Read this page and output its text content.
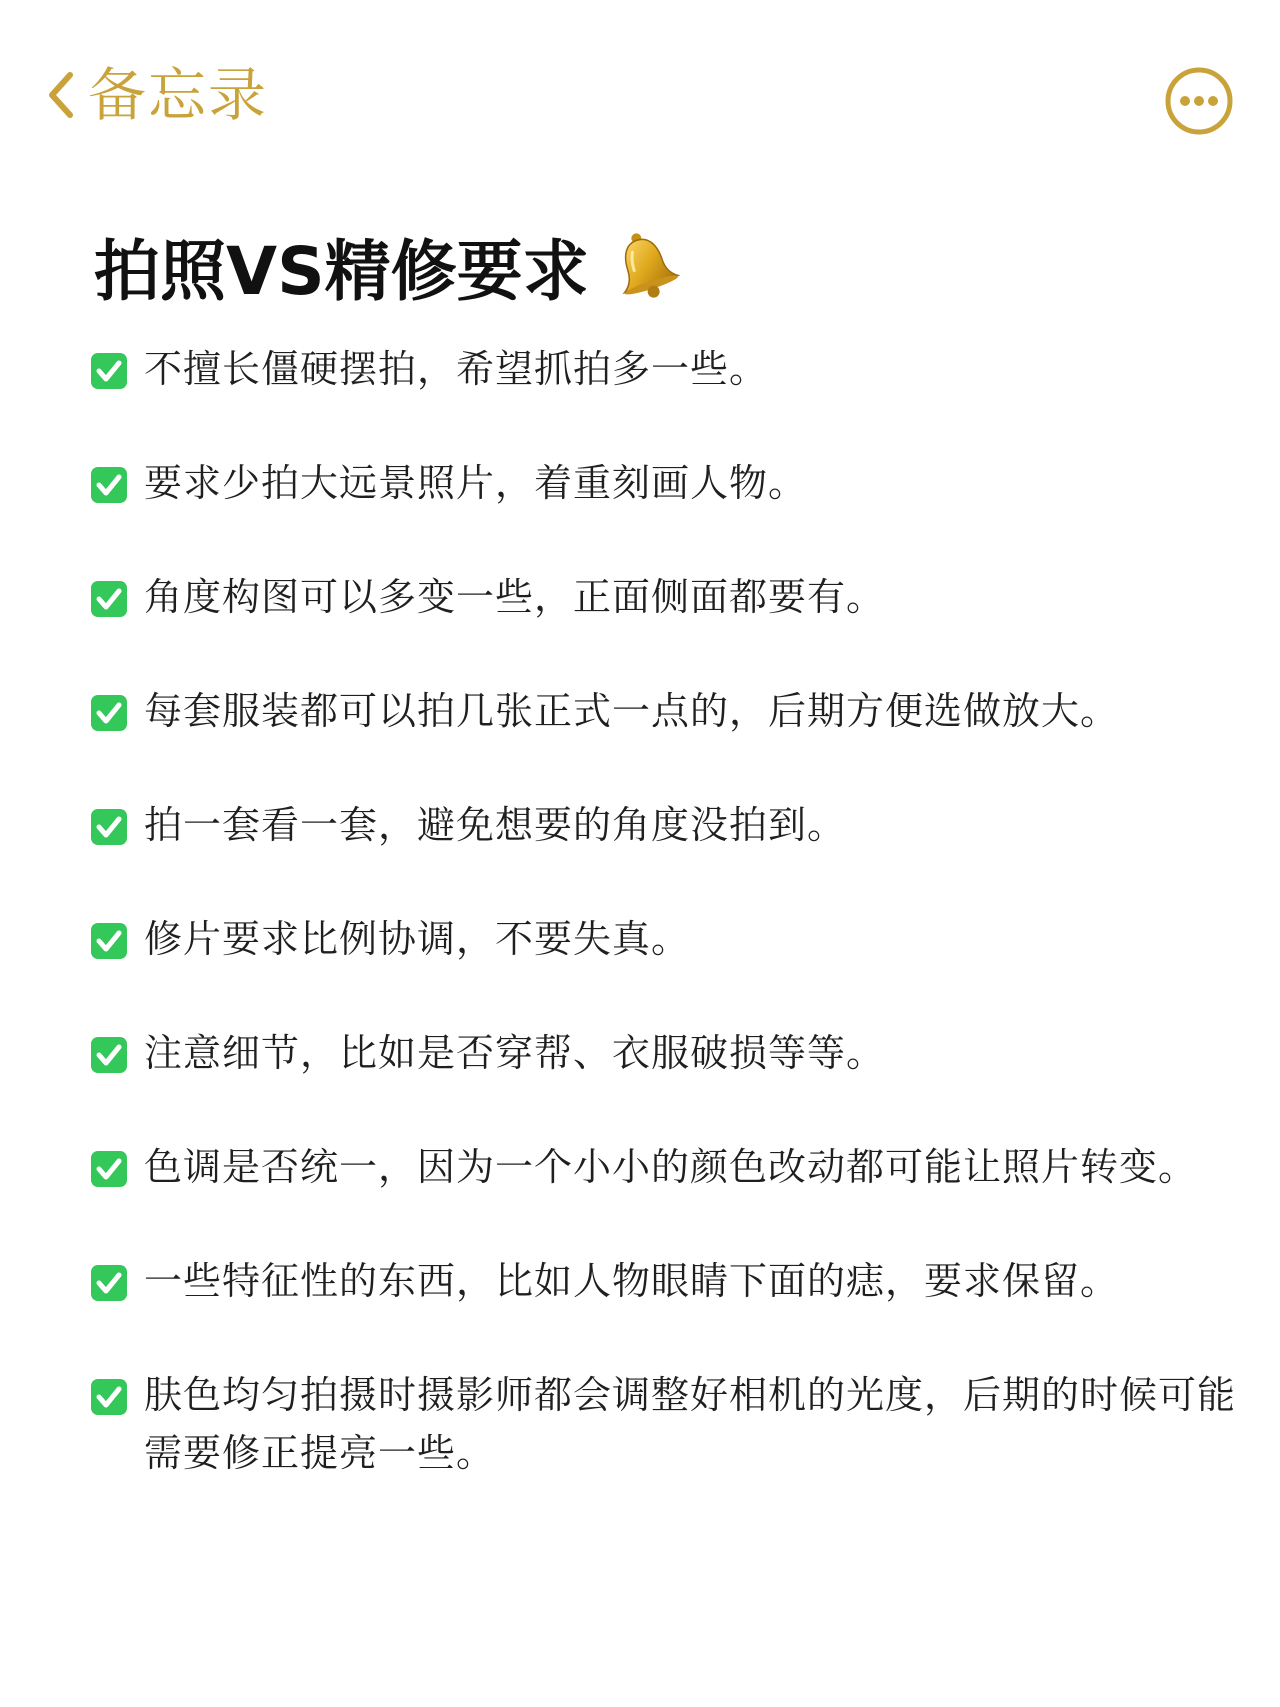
备忘录
拍照VS精修要求
不擅长僵硬摆拍，希望抓拍多一些。
要求少拍大远景照片，着重刻画人物。
角度构图可以多变一些，正面侧面都要有。
每套服装都可以拍几张正式一点的，后期方便选做放大。
拍一套看一套，避免想要的角度没拍到。
修片要求比例协调，不要失真。
注意细节，比如是否穿帮、衣服破损等等。
色调是否统一，因为一个小小的颜色改动都可能让照片转变。
一些特征性的东西，比如人物眼睛下面的痣，要求保留。
肤色均匀拍摄时摄影师都会调整好相机的光度，后期的时候可能需要修正提亮一些。
